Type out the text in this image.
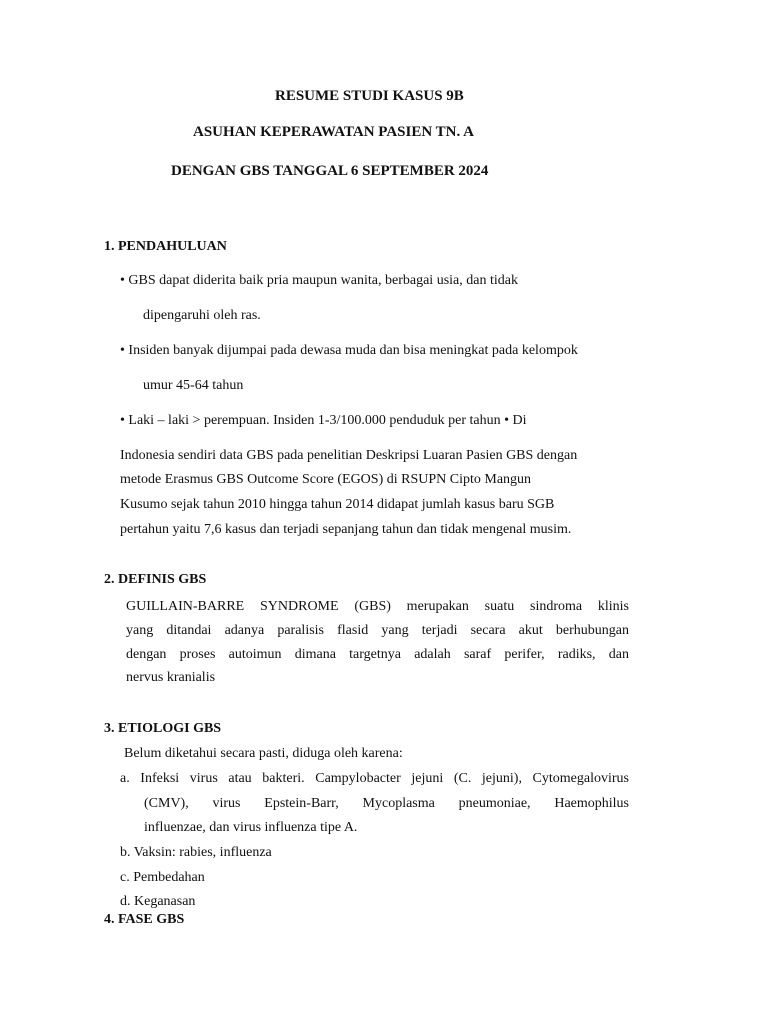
RESUME STUDI KASUS 9B
ASUHAN KEPERAWATAN PASIEN TN. A
DENGAN GBS TANGGAL 6 SEPTEMBER 2024
1. PENDAHULUAN
• GBS dapat diderita baik pria maupun wanita, berbagai usia, dan tidak
dipengaruhi oleh ras.
• Insiden banyak dijumpai pada dewasa muda dan bisa meningkat pada kelompok
umur 45-64 tahun
• Laki – laki > perempuan. Insiden 1-3/100.000 penduduk per tahun • Di
Indonesia sendiri data GBS pada penelitian Deskripsi Luaran Pasien GBS dengan
metode Erasmus GBS Outcome Score (EGOS) di RSUPN Cipto Mangun
Kusumo sejak tahun 2010 hingga tahun 2014 didapat jumlah kasus baru SGB
pertahun yaitu 7,6 kasus dan terjadi sepanjang tahun dan tidak mengenal musim.
2. DEFINIS GBS
GUILLAIN-BARRE SYNDROME (GBS) merupakan suatu sindroma klinis
yang ditandai adanya paralisis flasid yang terjadi secara akut berhubungan
dengan proses autoimun dimana targetnya adalah saraf perifer, radiks, dan
nervus kranialis
3. ETIOLOGI GBS
Belum diketahui secara pasti, diduga oleh karena:
a. Infeksi virus atau bakteri. Campylobacter jejuni (C. jejuni), Cytomegalovirus
(CMV), virus Epstein-Barr, Mycoplasma pneumoniae, Haemophilus
influenzae, dan virus influenza tipe A.
b. Vaksin: rabies, influenza
c. Pembedahan
d. Keganasan
4. FASE GBS
